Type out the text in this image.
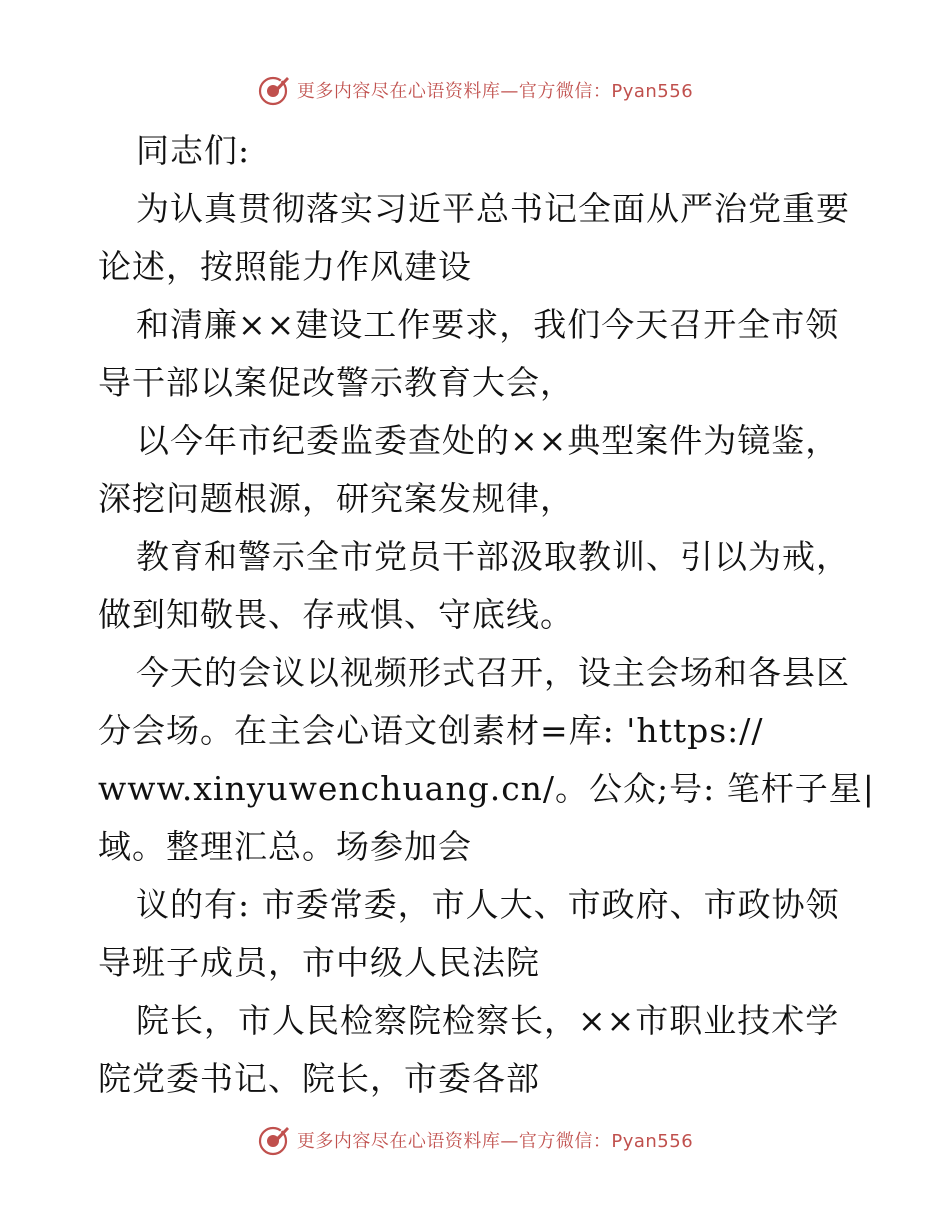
更多内容尽在心语资料库—官方微信：Pyan556
同志们:
为认真贯彻落实习近平总书记全面从严治党重要
论述，按照能力作风建设
和清廉××建设工作要求，我们今天召开全市领
导干部以案促改警示教育大会，
以今年市纪委监委查处的××典型案件为镜鉴，
深挖问题根源，研究案发规律，
教育和警示全市党员干部汲取教训、引以为戒，
做到知敬畏、存戒惧、守底线。
今天的会议以视频形式召开，设主会场和各县区
分会场。在主会心语文创素材=库: 'https://
www.xinyuwenchuang.cn/。公众;号: 笔杆子星|
域。整理汇总。场参加会
议的有: 市委常委，市人大、市政府、市政协领
导班子成员，市中级人民法院
院长，市人民检察院检察长，××市职业技术学
院党委书记、院长，市委各部
更多内容尽在心语资料库—官方微信：Pyan556
